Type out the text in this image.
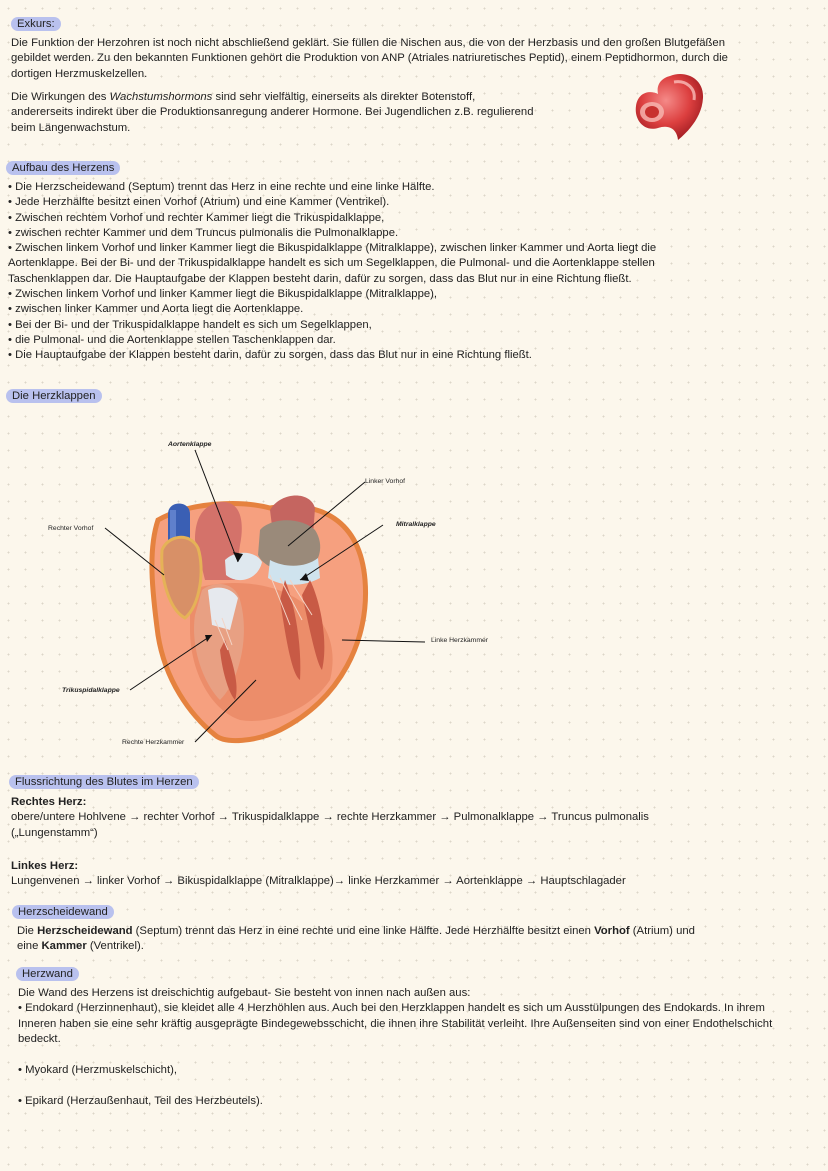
Exkurs:

Die Funktion der Herzohren ist noch nicht abschließend geklärt. Sie füllen die Nischen aus, die von der Herzbasis und den großen Blutgefäßen gebildet werden. Zu den bekannten Funktionen gehört die Produktion von ANP (Atriales natriuretisches Peptid), einem Peptidhormon, durch die dortigen Herzmuskelzellen.

Die Wirkungen des Wachstumshormons sind sehr vielfältig, einerseits als direkter Botenstoff,

andererseits indirekt über die Produktionsanregung anderer Hormone. Bei Jugendlichen z.B. regulierend

beim Längenwachstum.

Aufbau des Herzens

• Die Herzscheidewand (Septum) trennt das Herz in eine rechte und eine linke Hälfte.

• Jede Herzhälfte besitzt einen Vorhof (Atrium) und eine Kammer (Ventrikel).

• Zwischen rechtem Vorhof und rechter Kammer liegt die Trikuspidalklappe,

• zwischen rechter Kammer und dem Truncus pulmonalis die Pulmonalklappe.

• Zwischen linkem Vorhof und linker Kammer liegt die Bikuspidalklappe (Mitralklappe), zwischen linker Kammer und Aorta liegt die

Aortenklappe. Bei der Bi- und der Trikuspidalklappe handelt es sich um Segelklappen, die Pulmonal- und die Aortenklappe stellen

Taschenklappen dar. Die Hauptaufgabe der Klappen besteht darin, dafür zu sorgen, dass das Blut nur in eine Richtung fließt.

• Zwischen linkem Vorhof und linker Kammer liegt die Bikuspidalklappe (Mitralklappe),

• zwischen linker Kammer und Aorta liegt die Aortenklappe.

• Bei der Bi- und der Trikuspidalklappe handelt es sich um Segelklappen,

• die Pulmonal- und die Aortenklappe stellen Taschenklappen dar.

• Die Hauptaufgabe der Klappen besteht darin, dafür zu sorgen, dass das Blut nur in eine Richtung fließt.

Die Herzklappen
Aortenklappe
Linker Vorhof
Mitralklappe
Rechter Vorhof
Linke Herzkammer
Trikuspidalklappe
Rechte Herzkammer
Flussrichtung des Blutes im Herzen

Rechtes Herz:

obere/untere Hohlvene → rechter Vorhof → Trikuspidalklappe → rechte Herzkammer → Pulmonalklappe → Truncus pulmonalis

(„Lungenstamm“)

Linkes Herz:

Lungenvenen → linker Vorhof → Bikuspidalklappe (Mitralklappe)→ linke Herzkammer → Aortenklappe → Hauptschlagader

Herzscheidewand

Die Herzscheidewand (Septum) trennt das Herz in eine rechte und eine linke Hälfte. Jede Herzhälfte besitzt einen Vorhof (Atrium) und

eine Kammer (Ventrikel).

Herzwand

Die Wand des Herzens ist dreischichtig aufgebaut- Sie besteht von innen nach außen aus:

• Endokard (Herzinnenhaut), sie kleidet alle 4 Herzhöhlen aus. Auch bei den Herzklappen handelt es sich um Ausstülpungen des Endokards. In ihrem Inneren haben sie eine sehr kräftig ausgeprägte Bindegewebsschicht, die ihnen ihre Stabilität verleiht. Ihre Außenseiten sind von einer Endothelschicht bedeckt.

• Myokard (Herzmuskelschicht),

• Epikard (Herzaußenhaut, Teil des Herzbeutels).
